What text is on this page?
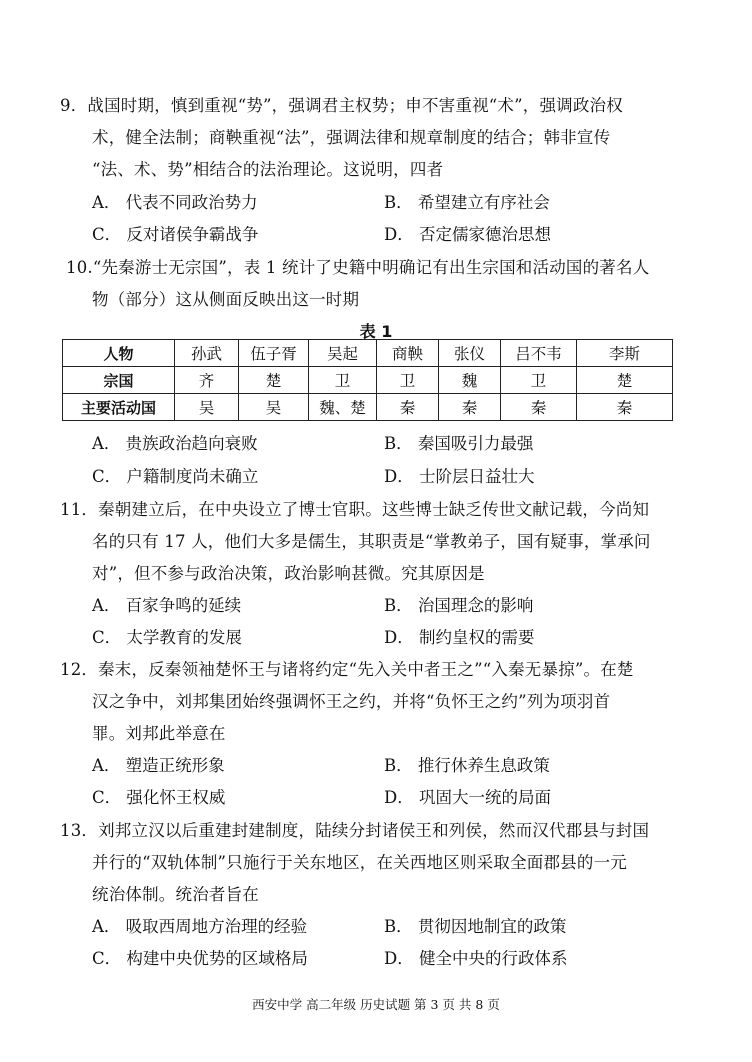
9．战国时期，慎到重视“势”，强调君主权势；申不害重视“术”，强调政治权
术，健全法制；商鞅重视“法”，强调法律和规章制度的结合；韩非宣传
“法、术、势”相结合的法治理论。这说明，四者
A． 代表不同政治势力	B． 希望建立有序社会
C． 反对诸侯争霸战争	D． 否定儒家德治思想
10.“先秦游士无宗国”，表 1 统计了史籍中明确记有出生宗国和活动国的著名人
物（部分）这从侧面反映出这一时期
表 1
人物	孙武	伍子胥	吴起	商鞅	张仪	吕不韦	李斯
宗国	齐	楚	卫	卫	魏	卫	楚
主要活动国	吴	吴	魏、楚	秦	秦	秦	秦
A． 贵族政治趋向衰败	B． 秦国吸引力最强
C． 户籍制度尚未确立	D． 士阶层日益壮大
11．秦朝建立后，在中央设立了博士官职。这些博士缺乏传世文献记载，今尚知
名的只有 17 人，他们大多是儒生，其职责是“掌教弟子，国有疑事，掌承问
对”，但不参与政治决策，政治影响甚微。究其原因是
A． 百家争鸣的延续	B． 治国理念的影响
C． 太学教育的发展	D． 制约皇权的需要
12．秦末，反秦领袖楚怀王与诸将约定“先入关中者王之”“入秦无暴掠”。在楚
汉之争中，刘邦集团始终强调怀王之约，并将“负怀王之约”列为项羽首
罪。刘邦此举意在
A． 塑造正统形象	B． 推行休养生息政策
C． 强化怀王权威	D． 巩固大一统的局面
13．刘邦立汉以后重建封建制度，陆续分封诸侯王和列侯，然而汉代郡县与封国
并行的“双轨体制”只施行于关东地区，在关西地区则采取全面郡县的一元
统治体制。统治者旨在
A． 吸取西周地方治理的经验	B． 贯彻因地制宜的政策
C． 构建中央优势的区域格局	D． 健全中央的行政体系
西安中学 高二年级 历史试题 第 3 页 共 8 页
